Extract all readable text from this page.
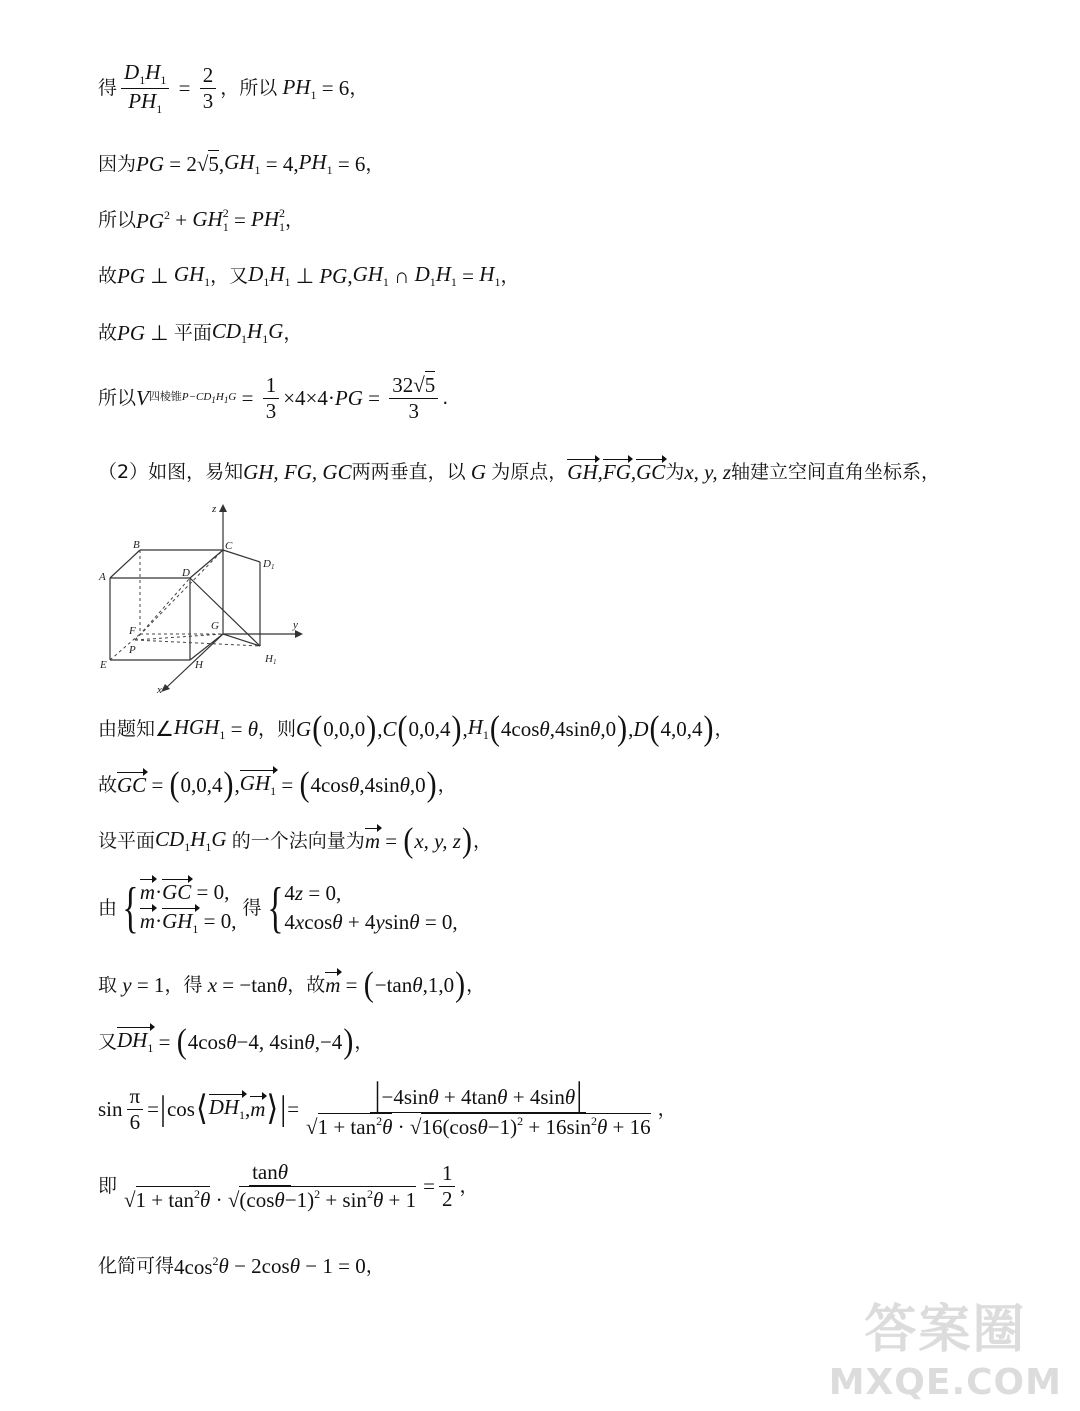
得 $\frac{D_1H_1}{PH_1} = \frac{2}{3}$ ，所以 $PH_1 = 6$ ，
因为 PG = 2√5, $GH_1 = 4$, $PH_1 = 6$ ，
所以 $PG^2 + GH_1^2 = PH_1^2$ ，
故 PG ⊥ $GH_1$ ，又 $D_1H_1$ ⊥ PG , $GH_1$ ∩ $D_1H_1 = H_1$ ，
故 PG ⊥ 平面 $CD_1H_1G$ ，
所以 V 四棱锥$P-CD_1H_1G = \frac{1}{3} \times 4\times 4\cdot$ PG = $\frac{32√5}{3}$ .
（2）如图，易知 GH, FG, GC 两两垂直，以 G 为原点， GH,FG,GC 为 x, y, z 轴建立空间直角坐标系，
z
B	C
D1
A	D
F	G	y
P
E	H	H1
x
由题知 ∠ $HGH_1 = \theta$ ，则 G ( 0,0,0 ) , C ( 0,0,4 ) , $H_1$ ( 4cos θ ,4sin θ ,0 ) , D ( 4,0,4 ) ，
故 GC = ( 0,0,4 ) , $GH_1$ = ( 4cos θ ,4sin θ ,0 ) ，
设平面 $CD_1H_1G$
的一个法向量为 m = ( x, y, z ) ，
由 { m·GC = 0,
$m\cdot GH_1 = 0$,
得 { 4z = 0,
4xcosθ + 4ysinθ = 0,
取 y = 1 ，得 x = −tan θ ，故 m = ( −tan θ ,1,0 ) ，
又 $DH_1$ = ( 4cos θ −4, 4sin θ ,−4 ) ，
$\sin \frac{\pi}{6}$ = | cos ⟨ $DH_1$ , m ⟩ | = $\frac{|-4\sin\theta + 4\tan\theta + 4\sin\theta|}{√1 + \tan^2\theta \cdot √16(\cos\theta-1)^2 + 16\sin^2\theta + 16}$ ，
即 $\frac{\tan\theta}{√1 + \tan^2\theta \cdot √(\cos\theta-1)^2 + \sin^2\theta + 1} = \frac{1}{2}$ ，
化简可得 $4\cos^2$ θ − 2cos θ − 1 = 0 ，
答案圈
MXQE.COM
